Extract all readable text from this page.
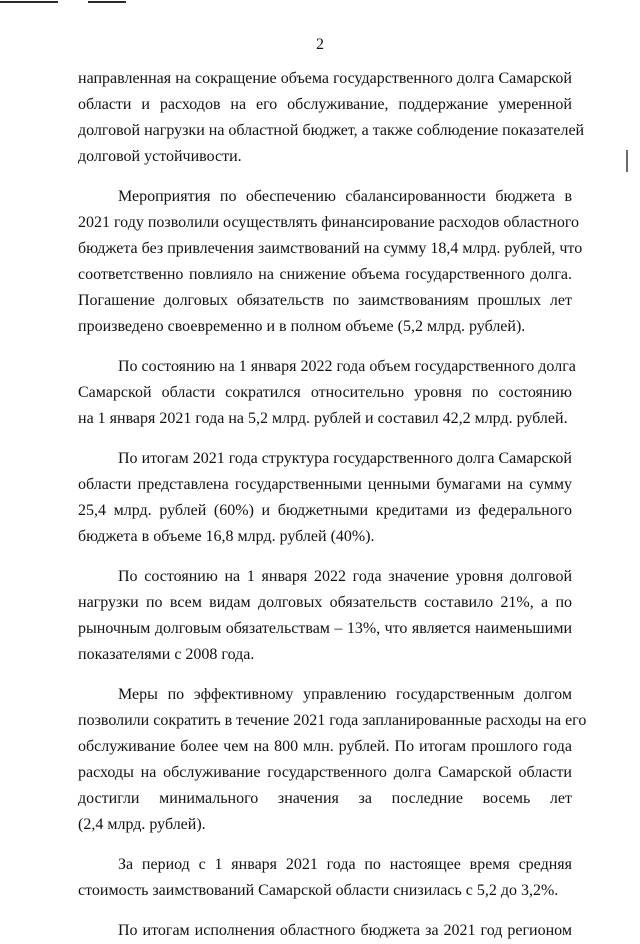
2

направленная на сокращение объема государственного долга Самарской
области и расходов на его обслуживание, поддержание умеренной
долговой нагрузки на областной бюджет, а также соблюдение показателей
долговой устойчивости.

Мероприятия по обеспечению сбалансированности бюджета в
2021 году позволили осуществлять финансирование расходов областного
бюджета без привлечения заимствований на сумму 18,4 млрд. рублей, что
соответственно повлияло на снижение объема государственного долга.
Погашение долговых обязательств по заимствованиям прошлых лет
произведено своевременно и в полном объеме (5,2 млрд. рублей).

По состоянию на 1 января 2022 года объем государственного долга
Самарской области сократился относительно уровня по состоянию
на 1 января 2021 года на 5,2 млрд. рублей и составил 42,2 млрд. рублей.

По итогам 2021 года структура государственного долга Самарской
области представлена государственными ценными бумагами на сумму
25,4 млрд. рублей (60%) и бюджетными кредитами из федерального
бюджета в объеме 16,8 млрд. рублей (40%).

По состоянию на 1 января 2022 года значение уровня долговой
нагрузки по всем видам долговых обязательств составило 21%, а по
рыночным долговым обязательствам – 13%, что является наименьшими
показателями с 2008 года.

Меры по эффективному управлению государственным долгом
позволили сократить в течение 2021 года запланированные расходы на его
обслуживание более чем на 800 млн. рублей. По итогам прошлого года
расходы на обслуживание государственного долга Самарской области
достигли минимального значения за последние восемь лет
(2,4 млрд. рублей).

За период с 1 января 2021 года по настоящее время средняя
стоимость заимствований Самарской области снизилась с 5,2 до 3,2%.

По итогам исполнения областного бюджета за 2021 год регионом
